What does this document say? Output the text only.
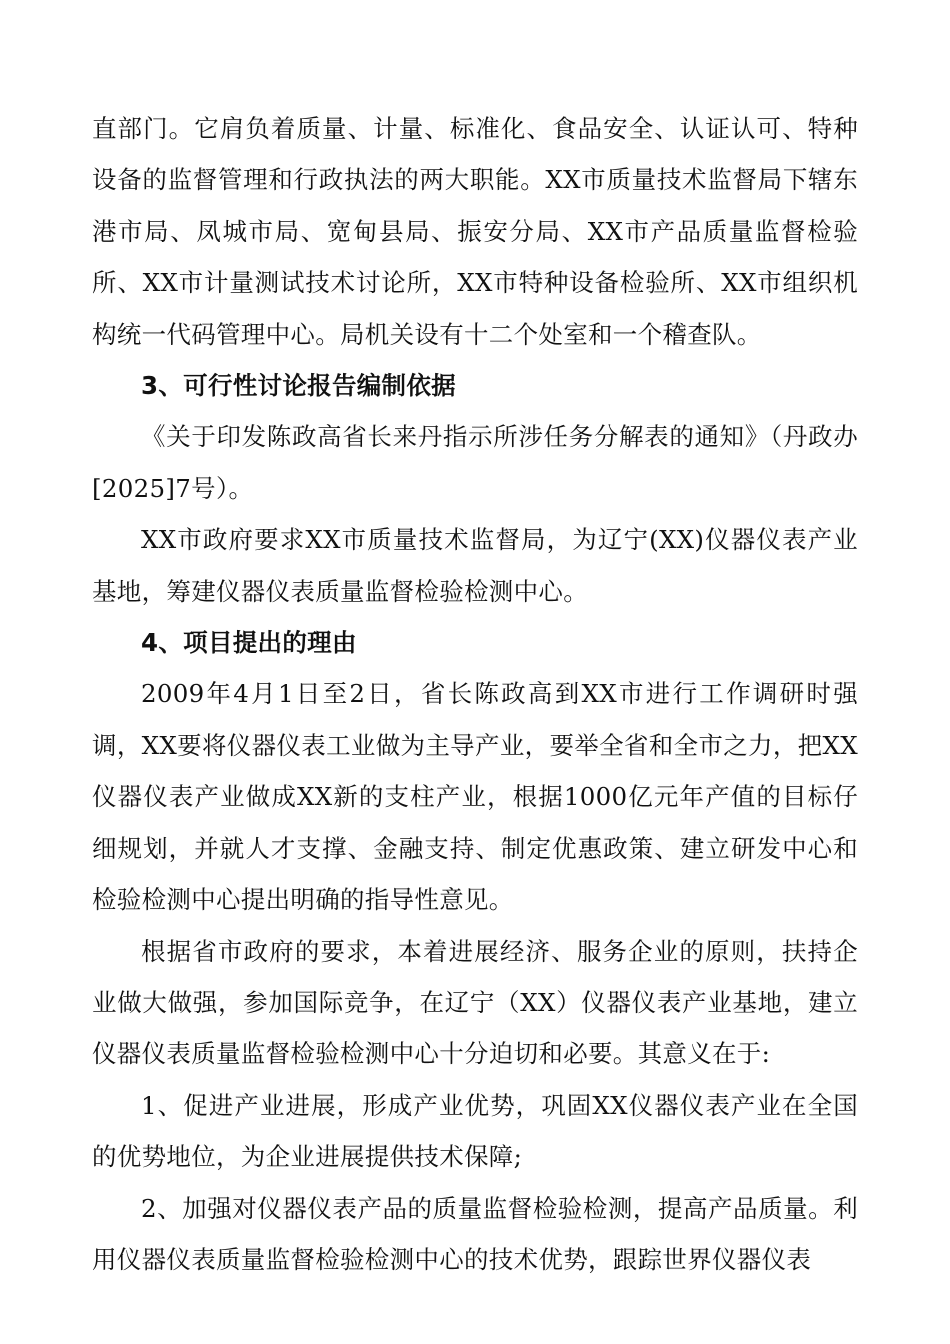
直部门。它肩负着质量、计量、标准化、食品安全、认证认可、特种设备的监督管理和行政执法的两大职能。XX市质量技术监督局下辖东港市局、凤城市局、宽甸县局、振安分局、XX市产品质量监督检验所、XX市计量测试技术讨论所，XX市特种设备检验所、XX市组织机构统一代码管理中心。局机关设有十二个处室和一个稽查队。

3、可行性讨论报告编制依据

《关于印发陈政高省长来丹指示所涉任务分解表的通知》（丹政办[2025]7号）。

XX市政府要求XX市质量技术监督局，为辽宁(XX)仪器仪表产业基地，筹建仪器仪表质量监督检验检测中心。

4、项目提出的理由

2009年4月1日至2日，省长陈政高到XX市进行工作调研时强调，XX要将仪器仪表工业做为主导产业，要举全省和全市之力，把XX仪器仪表产业做成XX新的支柱产业，根据1000亿元年产值的目标仔细规划，并就人才支撑、金融支持、制定优惠政策、建立研发中心和检验检测中心提出明确的指导性意见。

根据省市政府的要求，本着进展经济、服务企业的原则，扶持企业做大做强，参加国际竞争，在辽宁（XX）仪器仪表产业基地，建立仪器仪表质量监督检验检测中心十分迫切和必要。其意义在于:

1、促进产业进展，形成产业优势，巩固XX仪器仪表产业在全国的优势地位，为企业进展提供技术保障;

2、加强对仪器仪表产品的质量监督检验检测，提高产品质量。利用仪器仪表质量监督检验检测中心的技术优势，跟踪世界仪器仪表
